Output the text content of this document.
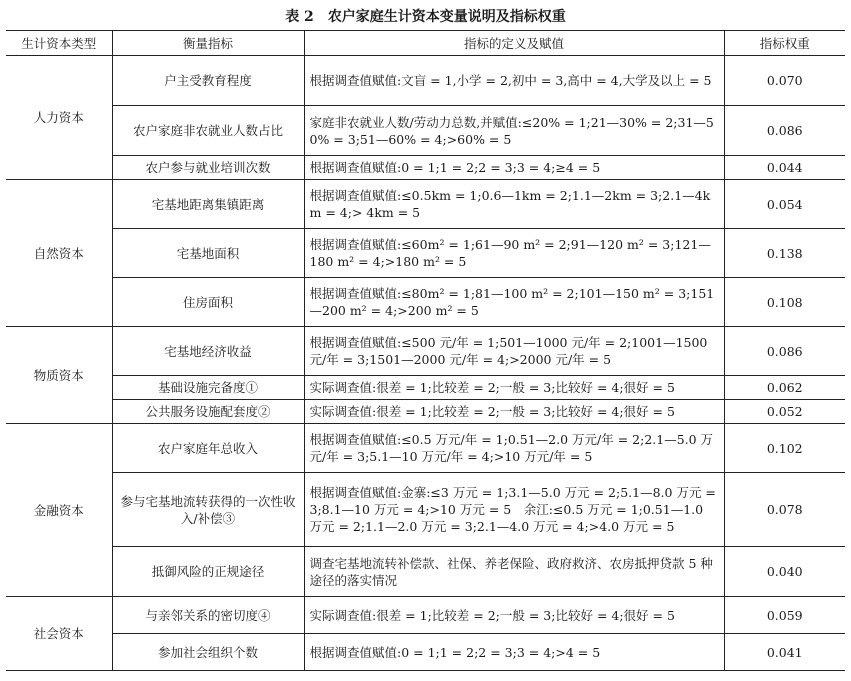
表 2 农户家庭生计资本变量说明及指标权重
生计资本类型	衡量指标	指标的定义及赋值	指标权重
人力资本	户主受教育程度	根据调查值赋值:文盲 = 1,小学 = 2,初中 = 3,高中 = 4,大学及以上 = 5	0.070
	农户家庭非农就业人数占比	家庭非农就业人数/劳动力总数,并赋值:≤20% = 1;21—30% = 2;31—50% = 3;51—60% = 4;>60% = 5	0.086
	农户参与就业培训次数	根据调查值赋值:0 = 1;1 = 2;2 = 3;3 = 4;≥4 = 5	0.044
自然资本	宅基地距离集镇距离	根据调查值赋值:≤0.5km = 1;0.6—1km = 2;1.1—2km = 3;2.1—4km = 4;> 4km = 5	0.054
	宅基地面积	根据调查值赋值:≤60m² = 1;61—90 m² = 2;91—120 m² = 3;121—180 m² = 4;>180 m² = 5	0.138
	住房面积	根据调查值赋值:≤80m² = 1;81—100 m² = 2;101—150 m² = 3;151—200 m² = 4;>200 m² = 5	0.108
物质资本	宅基地经济收益	根据调查值赋值:≤500 元/年 = 1;501—1000 元/年 = 2;1001—1500 元/年 = 3;1501—2000 元/年 = 4;>2000 元/年 = 5	0.086
	基础设施完备度①	实际调查值:很差 = 1;比较差 = 2;一般 = 3;比较好 = 4;很好 = 5	0.062
	公共服务设施配套度②	实际调查值:很差 = 1;比较差 = 2;一般 = 3;比较好 = 4;很好 = 5	0.052
金融资本	农户家庭年总收入	根据调查值赋值:≤0.5 万元/年 = 1;0.51—2.0 万元/年 = 2;2.1—5.0 万元/年 = 3;5.1—10 万元/年 = 4;>10 万元/年 = 5	0.102
	参与宅基地流转获得的一次性收入/补偿③	根据调查值赋值:金寨:≤3 万元 = 1;3.1—5.0 万元 = 2;5.1—8.0 万元 = 3;8.1—10 万元 = 4;>10 万元 = 5　余江:≤0.5 万元 = 1;0.51—1.0 万元 = 2;1.1—2.0 万元 = 3;2.1—4.0 万元 = 4;>4.0 万元 = 5	0.078
	抵御风险的正规途径	调查宅基地流转补偿款、社保、养老保险、政府救济、农房抵押贷款 5 种途径的落实情况	0.040
社会资本	与亲邻关系的密切度④	实际调查值:很差 = 1;比较差 = 2;一般 = 3;比较好 = 4;很好 = 5	0.059
	参加社会组织个数	根据调查值赋值:0 = 1;1 = 2;2 = 3;3 = 4;>4 = 5	0.041
